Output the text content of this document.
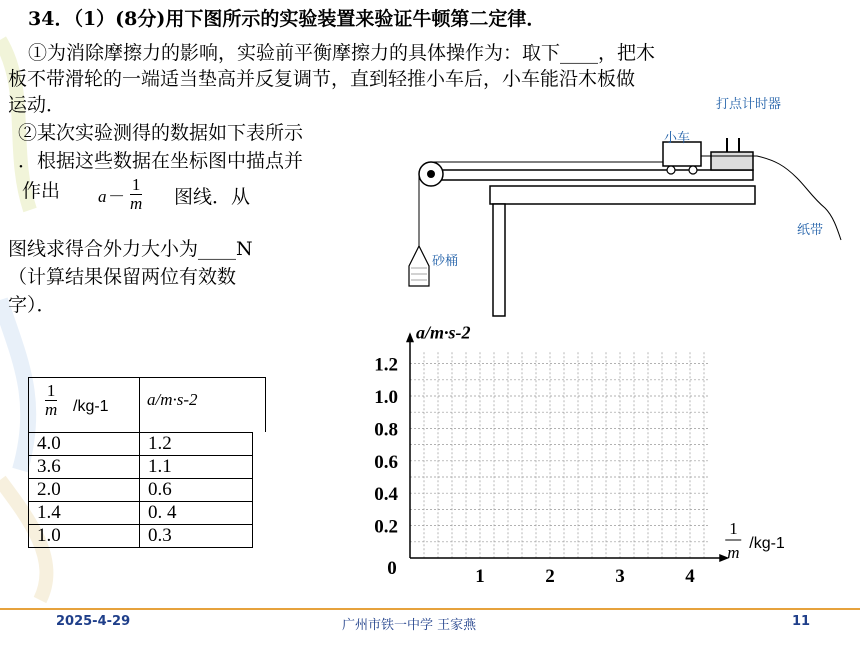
34．（1）(8分)用下图所示的实验装置来验证牛顿第二定律．
①为消除摩擦力的影响，实验前平衡摩擦力的具体操作为：取下____，把木
板不带滑轮的一端适当垫高并反复调节，直到轻推小车后，小车能沿木板做
运动．
②某次实验测得的数据如下表所示
．根据这些数据在坐标图中描点并
作出 $a- \frac{1}{m}$ 图线．从
图线求得合外力大小为____N
（计算结果保留两位有效数
字）．
打点计时器
小车
纸带
砂桶
$\frac{1}{m} /kg-1$ a/m·s-2
4.0	1.2
3.6	1.1
2.0	0.6
1.4	0. 4
1.0	0.3
1.2
1.0
0.8
0.6
0.4
0.2
1	2	3	4
0
a/m·s-2
1
m /kg-1
2025-4-29	广州市铁一中学 王家燕	11
